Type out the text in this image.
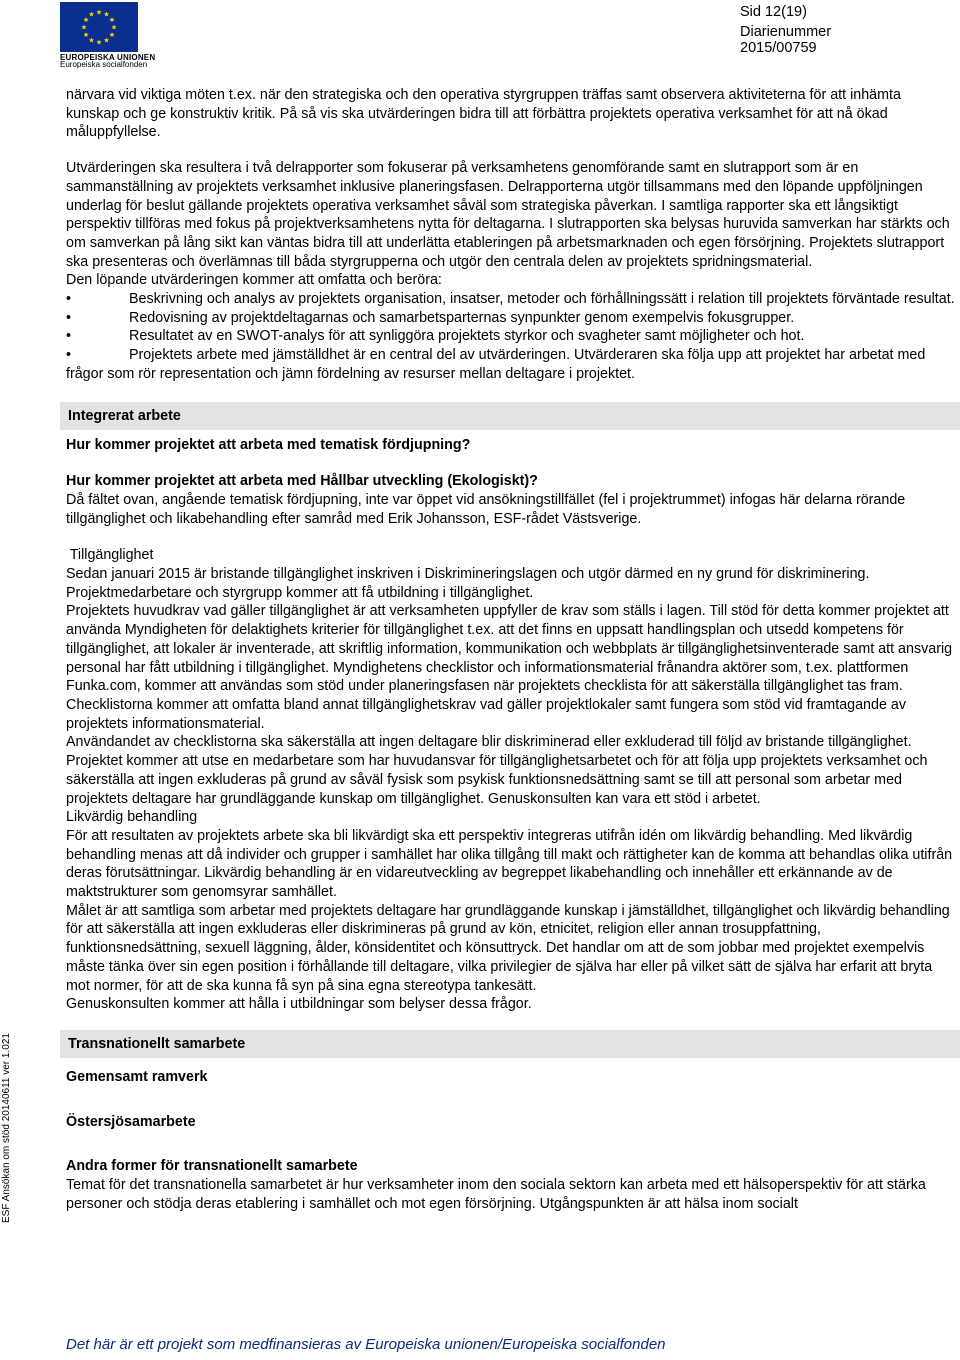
★ ★
★
★
★
★
★
★
★
★
★
★
EUROPEISKA UNIONEN
Europeiska socialfonden
Sid 12(19)
Diarienummer
2015/00759
ESF Ansökan om stöd 20140611 ver 1.021

närvara vid viktiga möten t.ex. när den strategiska och den operativa styrgruppen träffas samt observera aktiviteterna för att inhämta kunskap och ge konstruktiv kritik. På så vis ska utvärderingen bidra till att förbättra projektets operativa verksamhet för att nå ökad måluppfyllelse.

Utvärderingen ska resultera i två delrapporter som fokuserar på verksamhetens genomförande samt en slutrapport som är en sammanställning av projektets verksamhet inklusive planeringsfasen. Delrapporterna utgör tillsammans med den löpande uppföljningen underlag för beslut gällande projektets operativa verksamhet såväl som strategiska påverkan. I samtliga rapporter ska ett långsiktigt perspektiv tillföras med fokus på projektverksamhetens nytta för deltagarna. I slutrapporten ska belysas huruvida samverkan har stärkts och om samverkan på lång sikt kan väntas bidra till att underlätta etableringen på arbetsmarknaden och egen försörjning. Projektets slutrapport ska presenteras och överlämnas till båda styrgrupperna och utgör den centrala delen av projektets spridningsmaterial.

Den löpande utvärderingen kommer att omfatta och beröra:

•	Beskrivning och analys av projektets organisation, insatser, metoder och förhållningssätt i relation till projektets förväntade resultat.

•	Redovisning av projektdeltagarnas och samarbetsparternas synpunkter genom exempelvis fokusgrupper.

•	Resultatet av en SWOT-analys för att synliggöra projektets styrkor och svagheter samt möjligheter och hot.

•	Projektets arbete med jämställdhet är en central del av utvärderingen. Utvärderaren ska följa upp att projektet har arbetat med frågor som rör representation och jämn fördelning av resurser mellan deltagare i projektet.

Integrerat arbete

Hur kommer projektet att arbeta med tematisk fördjupning?

Hur kommer projektet att arbeta med Hållbar utveckling (Ekologiskt)?

Då fältet ovan, angående tematisk fördjupning, inte var öppet vid ansökningstillfället (fel i projektrummet) infogas här delarna rörande tillgänglighet och likabehandling efter samråd med Erik Johansson, ESF-rådet Västsverige.

Tillgänglighet

Sedan januari 2015 är bristande tillgänglighet inskriven i Diskrimineringslagen och utgör därmed en ny grund för diskriminering. Projektmedarbetare och styrgrupp kommer att få utbildning i tillgänglighet.

Projektets huvudkrav vad gäller tillgänglighet är att verksamheten uppfyller de krav som ställs i lagen. Till stöd för detta kommer projektet att använda Myndigheten för delaktighets kriterier för tillgänglighet t.ex. att det finns en uppsatt handlingsplan och utsedd kompetens för tillgänglighet, att lokaler är inventerade, att skriftlig information, kommunikation och webbplats är tillgänglighetsinventerade samt att ansvarig personal har fått utbildning i tillgänglighet. Myndighetens checklistor och informationsmaterial frånandra aktörer som, t.ex. plattformen Funka.com, kommer att användas som stöd under planeringsfasen när projektets checklista för att säkerställa tillgänglighet tas fram. Checklistorna kommer att omfatta bland annat tillgänglighetskrav vad gäller projektlokaler samt fungera som stöd vid framtagande av projektets informationsmaterial.

Användandet av checklistorna ska säkerställa att ingen deltagare blir diskriminerad eller exkluderad till följd av bristande tillgänglighet.

Projektet kommer att utse en medarbetare som har huvudansvar för tillgänglighetsarbetet och för att följa upp projektets verksamhet och säkerställa att ingen exkluderas på grund av såväl fysisk som psykisk funktionsnedsättning samt se till att personal som arbetar med projektets deltagare har grundläggande kunskap om tillgänglighet. Genuskonsulten kan vara ett stöd i arbetet.

Likvärdig behandling

För att resultaten av projektets arbete ska bli likvärdigt ska ett perspektiv integreras utifrån idén om likvärdig behandling. Med likvärdig behandling menas att då individer och grupper i samhället har olika tillgång till makt och rättigheter kan de komma att behandlas olika utifrån deras förutsättningar. Likvärdig behandling är en vidareutveckling av begreppet likabehandling och innehåller ett erkännande av de maktstrukturer som genomsyrar samhället.

Målet är att samtliga som arbetar med projektets deltagare har grundläggande kunskap i jämställdhet, tillgänglighet och likvärdig behandling för att säkerställa att ingen exkluderas eller diskrimineras på grund av kön, etnicitet, religion eller annan trosuppfattning, funktionsnedsättning, sexuell läggning, ålder, könsidentitet och könsuttryck. Det handlar om att de som jobbar med projektet exempelvis måste tänka över sin egen position i förhållande till deltagare, vilka privilegier de själva har eller på vilket sätt de själva har erfarit att bryta mot normer, för att de ska kunna få syn på sina egna stereotypa tankesätt.

Genuskonsulten kommer att hålla i utbildningar som belyser dessa frågor.

Transnationellt samarbete

Gemensamt ramverk

Östersjösamarbete

Andra former för transnationellt samarbete

Temat för det transnationella samarbetet är hur verksamheter inom den sociala sektorn kan arbeta med ett hälsoperspektiv för att stärka personer och stödja deras etablering i samhället och mot egen försörjning. Utgångspunkten är att hälsa inom socialt

Det här är ett projekt som medfinansieras av Europeiska unionen/Europeiska socialfonden
